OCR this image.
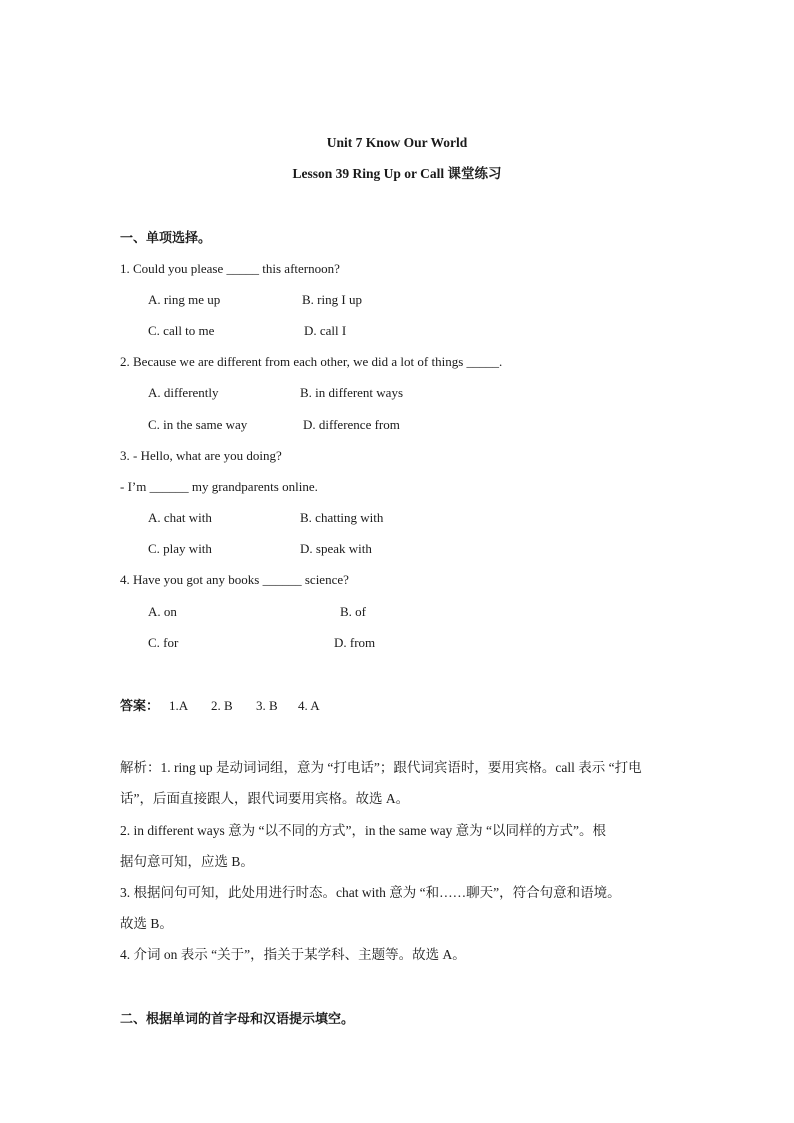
Unit 7 Know Our World
Lesson 39 Ring Up or Call 课堂练习
一、单项选择。
1. Could you please _____ this afternoon?
A. ring me up	B. ring I up
C. call to me	D. call I
2. Because we are different from each other, we did a lot of things _____.
A. differently	B. in different ways
C. in the same way	D. difference from
3. - Hello, what are you doing?
- I’m ______ my grandparents online.
A. chat with	B. chatting with
C. play with	D. speak with
4. Have you got any books ______ science?
A. on	B. of
C. for	D. from
答案： 1.A 2. B 3. B 4. A
解析：1. ring up 是动词词组，意为 “打电话”；跟代词宾语时，要用宾格。call 表示 “打电
话”，后面直接跟人，跟代词要用宾格。故选 A。
2. in different ways 意为 “以不同的方式”，in the same way 意为 “以同样的方式”。根
据句意可知，应选 B。
3. 根据问句可知，此处用进行时态。chat with 意为 “和……聊天”，符合句意和语境。
故选 B。
4. 介词 on 表示 “关于”，指关于某学科、主题等。故选 A。
二、根据单词的首字母和汉语提示填空。
